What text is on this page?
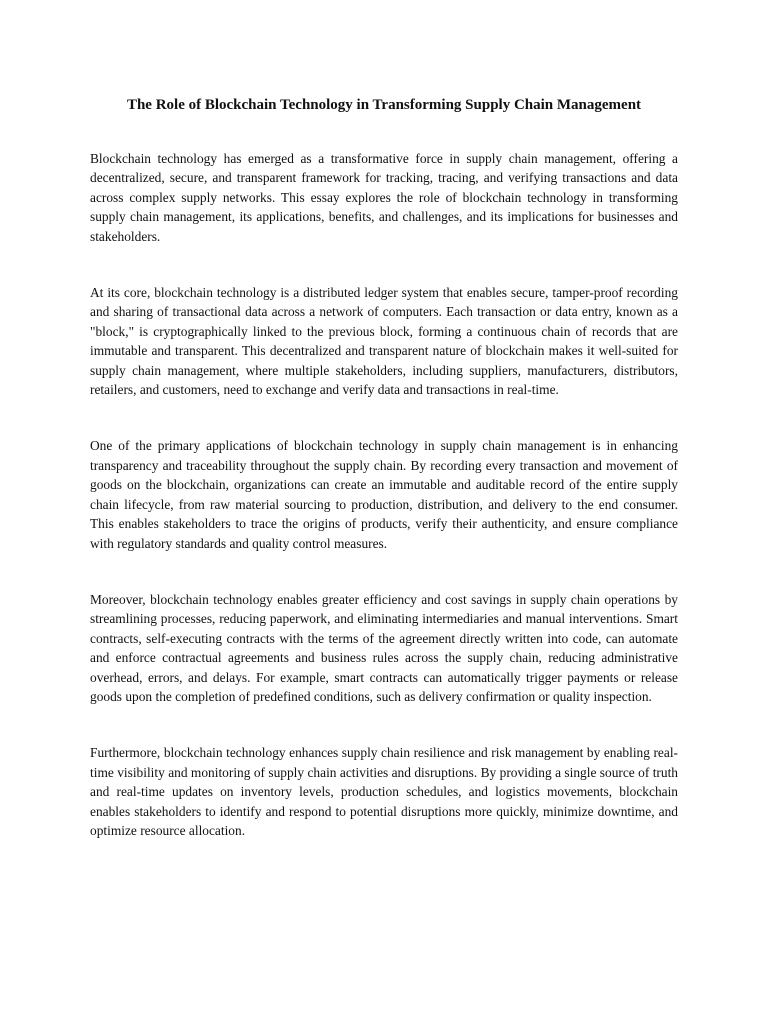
The Role of Blockchain Technology in Transforming Supply Chain Management

Blockchain technology has emerged as a transformative force in supply chain management, offering a decentralized, secure, and transparent framework for tracking, tracing, and verifying transactions and data across complex supply networks. This essay explores the role of blockchain technology in transforming supply chain management, its applications, benefits, and challenges, and its implications for businesses and stakeholders.

At its core, blockchain technology is a distributed ledger system that enables secure, tamper-proof recording and sharing of transactional data across a network of computers. Each transaction or data entry, known as a "block," is cryptographically linked to the previous block, forming a continuous chain of records that are immutable and transparent. This decentralized and transparent nature of blockchain makes it well-suited for supply chain management, where multiple stakeholders, including suppliers, manufacturers, distributors, retailers, and customers, need to exchange and verify data and transactions in real-time.

One of the primary applications of blockchain technology in supply chain management is in enhancing transparency and traceability throughout the supply chain. By recording every transaction and movement of goods on the blockchain, organizations can create an immutable and auditable record of the entire supply chain lifecycle, from raw material sourcing to production, distribution, and delivery to the end consumer. This enables stakeholders to trace the origins of products, verify their authenticity, and ensure compliance with regulatory standards and quality control measures.

Moreover, blockchain technology enables greater efficiency and cost savings in supply chain operations by streamlining processes, reducing paperwork, and eliminating intermediaries and manual interventions. Smart contracts, self-executing contracts with the terms of the agreement directly written into code, can automate and enforce contractual agreements and business rules across the supply chain, reducing administrative overhead, errors, and delays. For example, smart contracts can automatically trigger payments or release goods upon the completion of predefined conditions, such as delivery confirmation or quality inspection.

Furthermore, blockchain technology enhances supply chain resilience and risk management by enabling real-time visibility and monitoring of supply chain activities and disruptions. By providing a single source of truth and real-time updates on inventory levels, production schedules, and logistics movements, blockchain enables stakeholders to identify and respond to potential disruptions more quickly, minimize downtime, and optimize resource allocation.
